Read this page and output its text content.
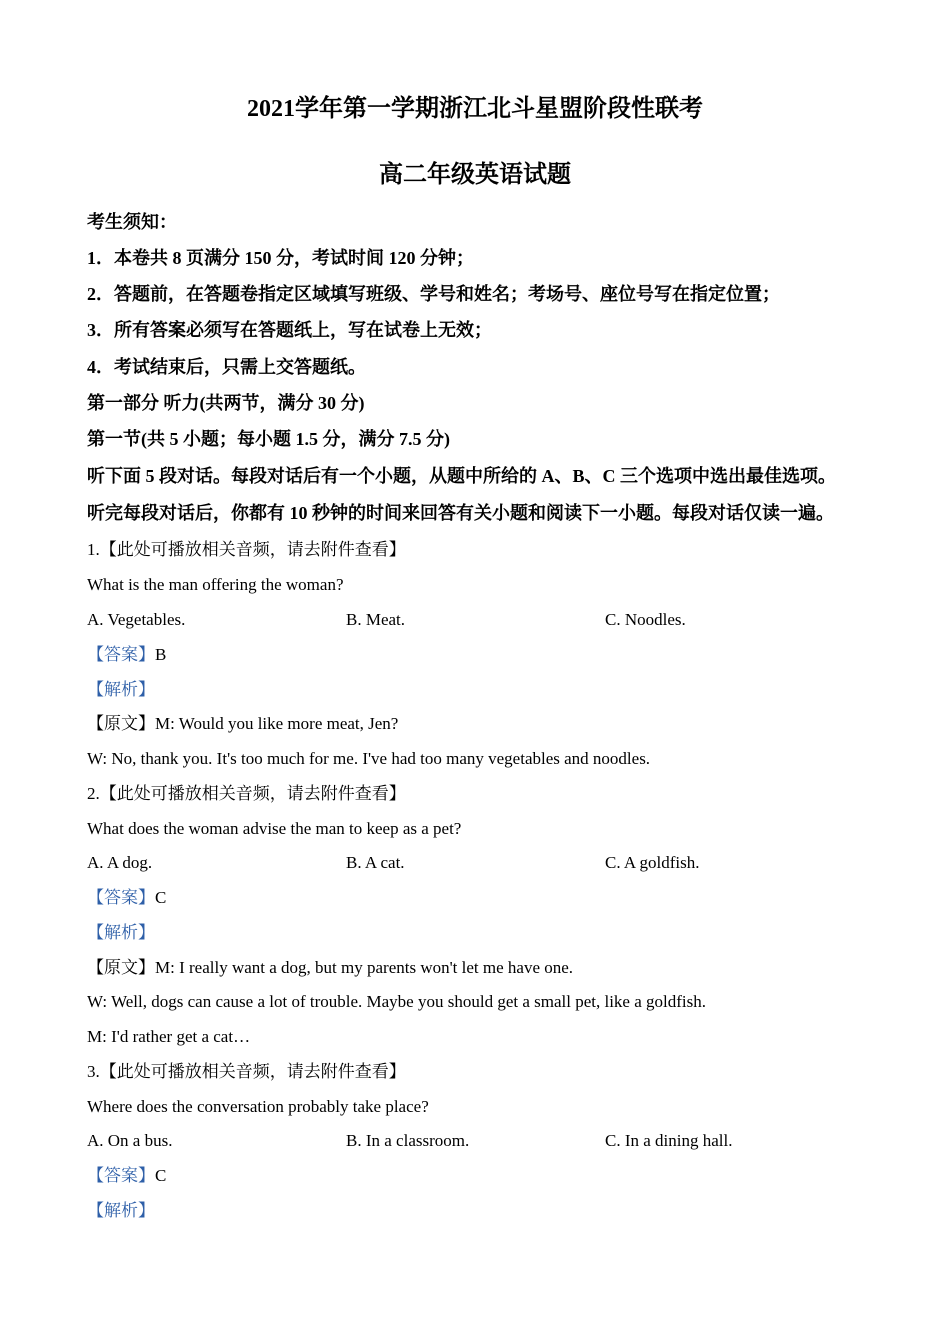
2021学年第一学期浙江北斗星盟阶段性联考
高二年级英语试题
考生须知：
1．本卷共 8 页满分 150 分，考试时间 120 分钟；
2．答题前，在答题卷指定区域填写班级、学号和姓名；考场号、座位号写在指定位置；
3．所有答案必须写在答题纸上，写在试卷上无效；
4．考试结束后，只需上交答题纸。
第一部分 听力(共两节，满分 30 分)
第一节(共 5 小题；每小题 1.5 分，满分 7.5 分)
听下面 5 段对话。每段对话后有一个小题，从题中所给的 A、B、C 三个选项中选出最佳选项。
听完每段对话后，你都有 10 秒钟的时间来回答有关小题和阅读下一小题。每段对话仅读一遍。
1.【此处可播放相关音频，请去附件查看】
What is the man offering the woman?
A. Vegetables.	B. Meat.	C. Noodles.
【答案】B
【解析】
【原文】M: Would you like more meat, Jen?
W: No, thank you. It's too much for me. I've had too many vegetables and noodles.
2.【此处可播放相关音频，请去附件查看】
What does the woman advise the man to keep as a pet?
A. A dog.	B. A cat.	C. A goldfish.
【答案】C
【解析】
【原文】M: I really want a dog, but my parents won't let me have one.
W: Well, dogs can cause a lot of trouble. Maybe you should get a small pet, like a goldfish.
M: I'd rather get a cat…
3.【此处可播放相关音频，请去附件查看】
Where does the conversation probably take place?
A. On a bus.	B. In a classroom.	C. In a dining hall.
【答案】C
【解析】
